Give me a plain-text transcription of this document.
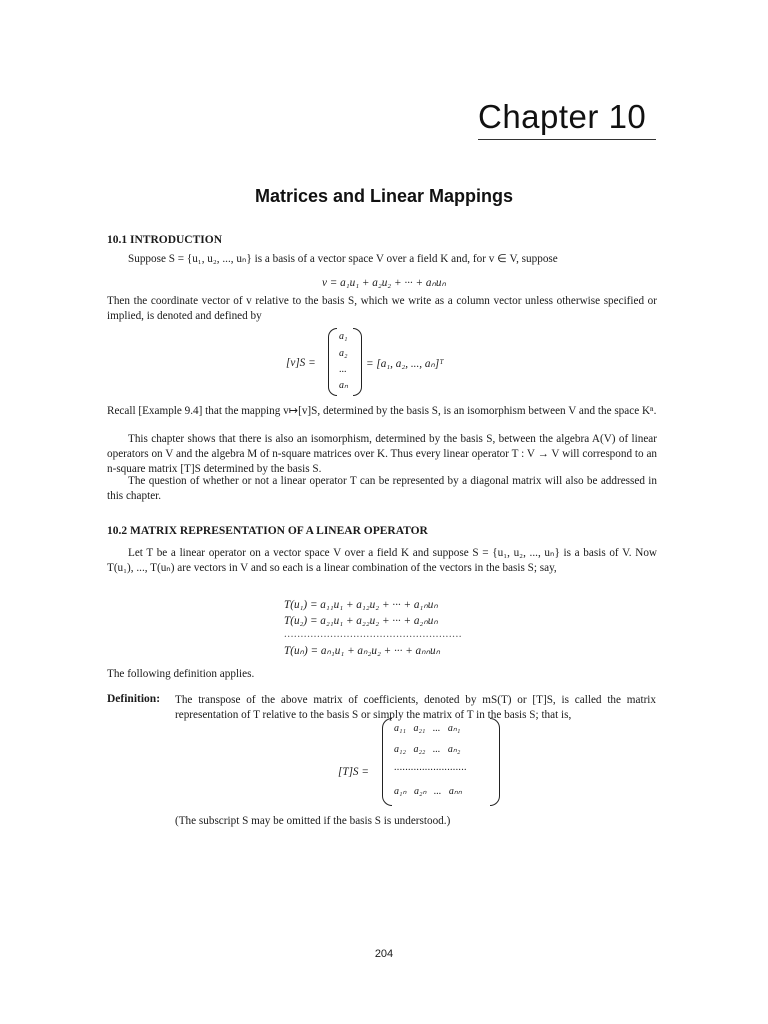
Chapter 10
Matrices and Linear Mappings
10.1 INTRODUCTION
Suppose S = {u₁, u₂, ..., uₙ} is a basis of a vector space V over a field K and, for v ∈ V, suppose
v = a₁u₁ + a₂u₂ + ··· + aₙuₙ
Then the coordinate vector of v relative to the basis S, which we write as a column vector unless otherwise specified or implied, is denoted and defined by
[v]S =
a₁
a₂
...
aₙ
= [a₁, a₂, ..., aₙ]ᵀ
Recall [Example 9.4] that the mapping v↦[v]S, determined by the basis S, is an isomorphism between V and the space Kⁿ.
This chapter shows that there is also an isomorphism, determined by the basis S, between the algebra A(V) of linear operators on V and the algebra M of n-square matrices over K. Thus every linear operator T : V → V will correspond to an n-square matrix [T]S determined by the basis S.
The question of whether or not a linear operator T can be represented by a diagonal matrix will also be addressed in this chapter.
10.2 MATRIX REPRESENTATION OF A LINEAR OPERATOR
Let T be a linear operator on a vector space V over a field K and suppose S = {u₁, u₂, ..., uₙ} is a basis of V. Now T(u₁), ..., T(uₙ) are vectors in V and so each is a linear combination of the vectors in the basis S; say,
T(u₁) = a₁₁u₁ + a₁₂u₂ + ··· + a₁ₙuₙ
T(u₂) = a₂₁u₁ + a₂₂u₂ + ··· + a₂ₙuₙ
......................................................
T(uₙ) = aₙ₁u₁ + aₙ₂u₂ + ··· + aₙₙuₙ
The following definition applies.
Definition: The transpose of the above matrix of coefficients, denoted by mS(T) or [T]S, is called the matrix representation of T relative to the basis S or simply the matrix of T in the basis S; that is,
[T]S =
a₁₁   a₂₁   ...   aₙ₁
a₁₂   a₂₂   ...   aₙ₂
..........................
a₁ₙ   a₂ₙ   ...   aₙₙ
(The subscript S may be omitted if the basis S is understood.)
204
